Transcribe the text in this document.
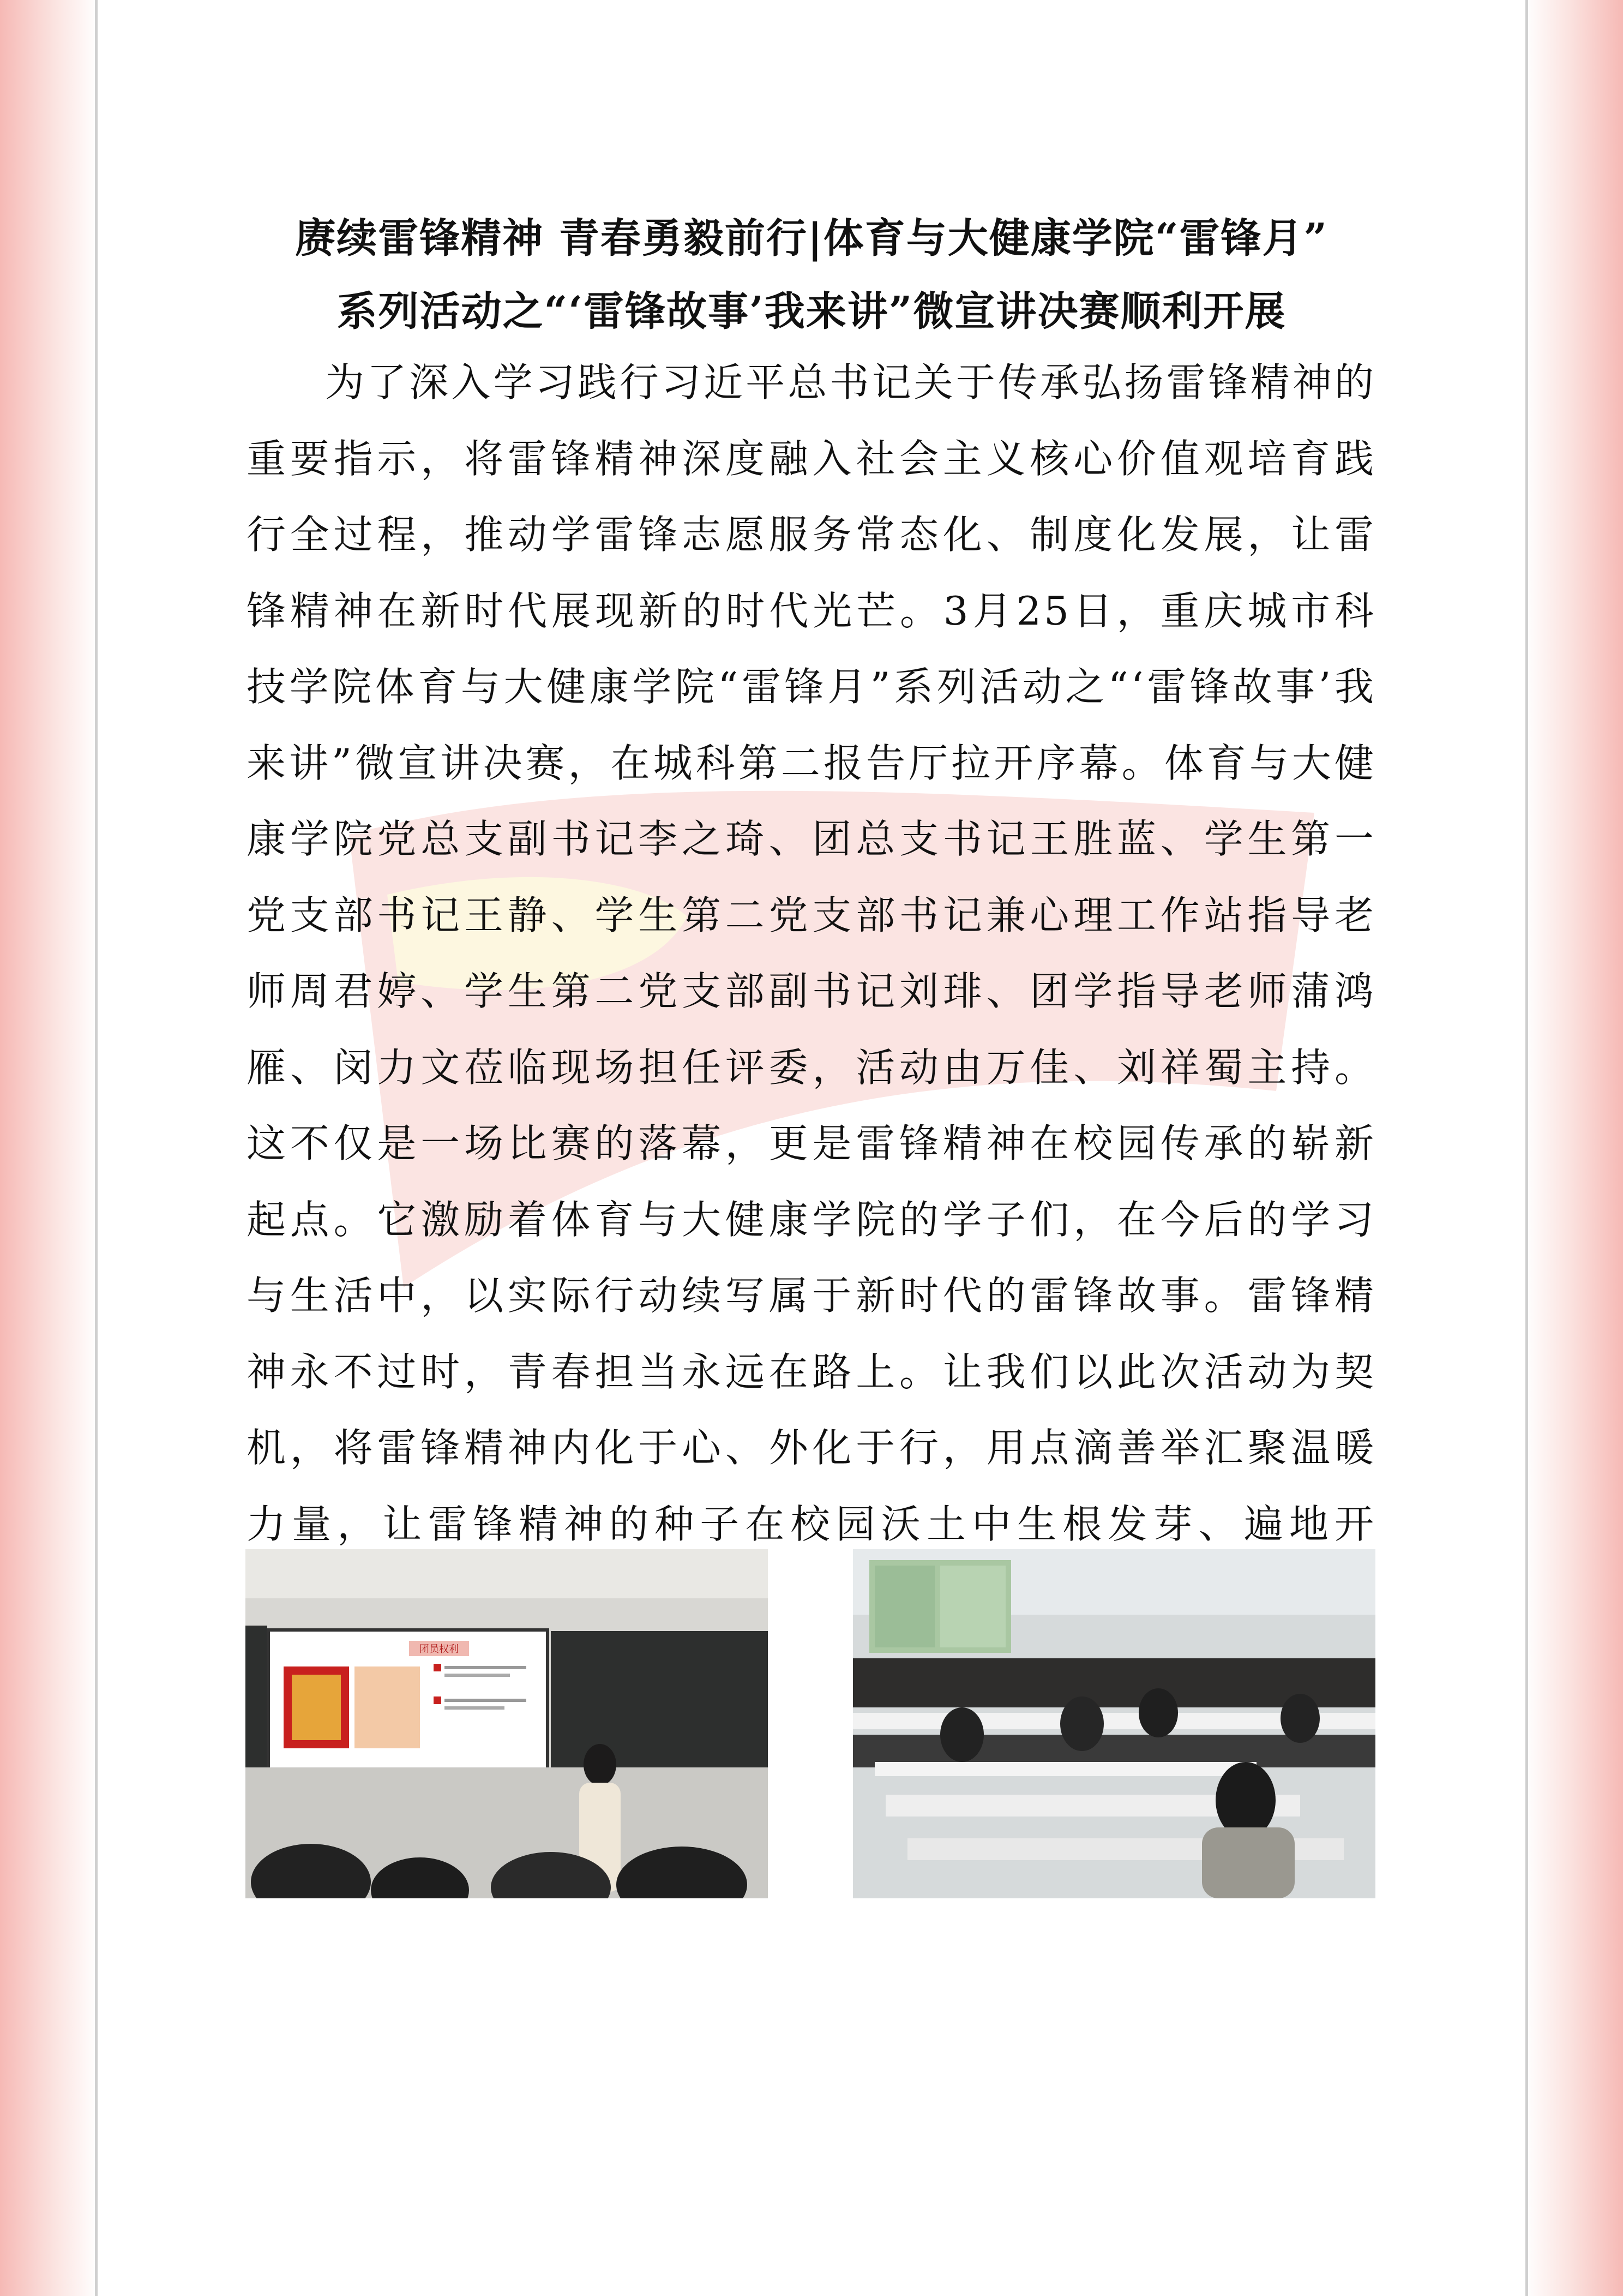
赓续雷锋精神 青春勇毅前行|体育与大健康学院“雷锋月”
系列活动之“‘雷锋故事’我来讲”微宣讲决赛顺利开展

为了深入学习践行习近平总书记关于传承弘扬雷锋精神的重要指示，将雷锋精神深度融入社会主义核心价值观培育践行全过程，推动学雷锋志愿服务常态化、制度化发展，让雷锋精神在新时代展现新的时代光芒。3月25日，重庆城市科技学院体育与大健康学院“雷锋月”系列活动之“‘雷锋故事’我来讲”微宣讲决赛，在城科第二报告厅拉开序幕。体育与大健康学院党总支副书记李之琦、团总支书记王胜蓝、学生第一党支部书记王静、学生第二党支部书记兼心理工作站指导老师周君婷、学生第二党支部副书记刘琲、团学指导老师蒲鸿雁、闵力文莅临现场担任评委，活动由万佳、刘祥蜀主持。这不仅是一场比赛的落幕，更是雷锋精神在校园传承的崭新起点。它激励着体育与大健康学院的学子们，在今后的学习与生活中，以实际行动续写属于新时代的雷锋故事。雷锋精神永不过时，青春担当永远在路上。让我们以此次活动为契机，将雷锋精神内化于心、外化于行，用点滴善举汇聚温暖力量，让雷锋精神的种子在校园沃土中生根发芽、遍地开

团员权利
